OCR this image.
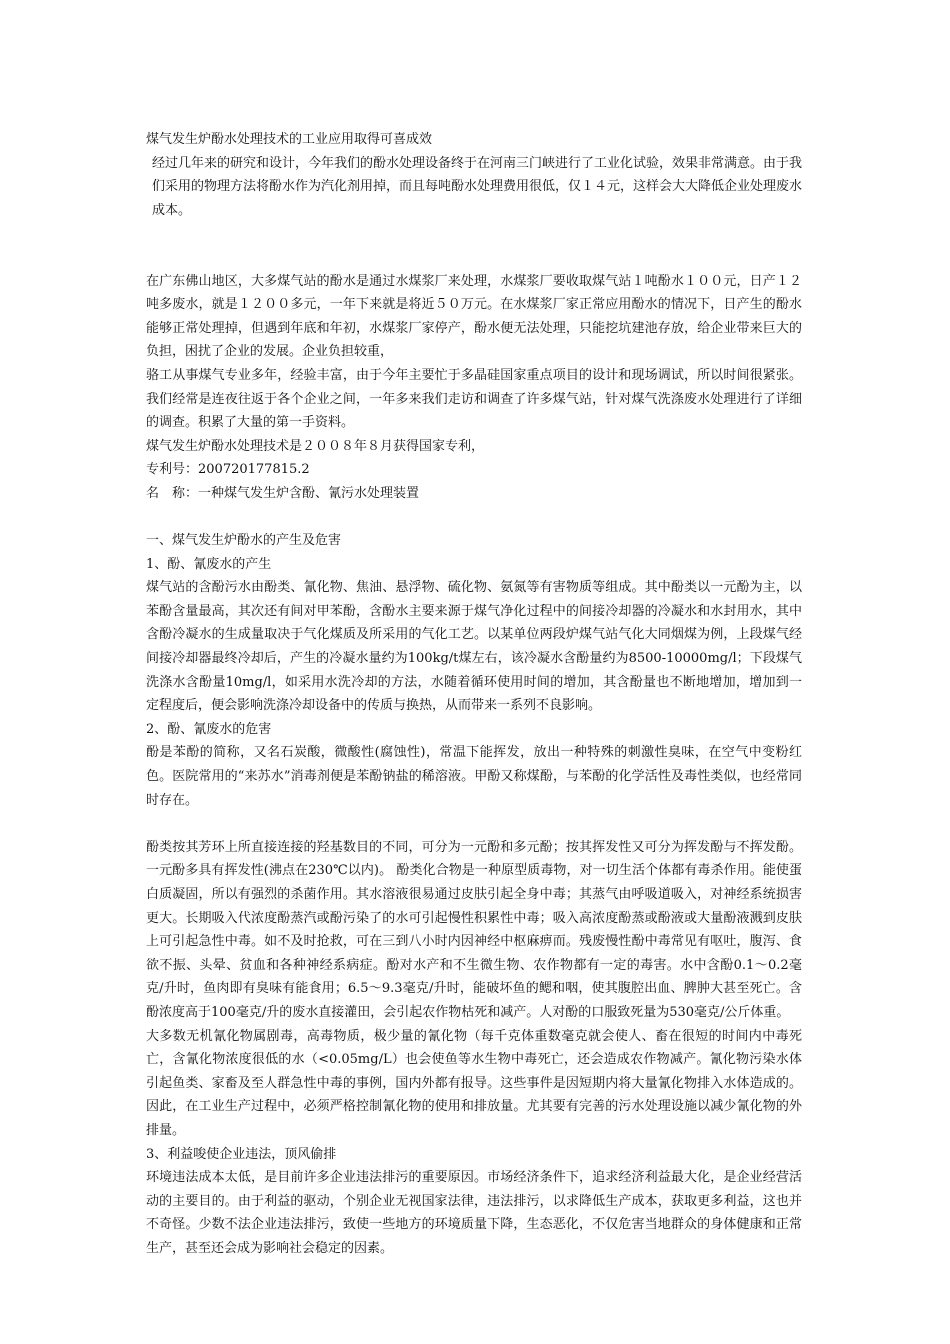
煤气发生炉酚水处理技术的工业应用取得可喜成效
经过几年来的研究和设计，今年我们的酚水处理设备终于在河南三门峡进行了工业化试验，效果非常满意。由于我们采用的物理方法将酚水作为汽化剂用掉，而且每吨酚水处理费用很低，仅１４元，这样会大大降低企业处理废水成本。
在广东佛山地区，大多煤气站的酚水是通过水煤浆厂来处理，水煤浆厂要收取煤气站１吨酚水１００元，日产１２吨多废水，就是１２００多元，一年下来就是将近５０万元。在水煤浆厂家正常应用酚水的情况下，日产生的酚水能够正常处理掉，但遇到年底和年初，水煤浆厂家停产，酚水便无法处理，只能挖坑建池存放，给企业带来巨大的负担，困扰了企业的发展。企业负担较重，
骆工从事煤气专业多年，经验丰富，由于今年主要忙于多晶硅国家重点项目的设计和现场调试，所以时间很紧张。我们经常是连夜往返于各个企业之间，一年多来我们走访和调查了许多煤气站，针对煤气洗涤废水处理进行了详细的调查。积累了大量的第一手资料。
煤气发生炉酚水处理技术是２００８年８月获得国家专利，
专利号：200720177815.2
名　称：一种煤气发生炉含酚、氰污水处理装置
一、煤气发生炉酚水的产生及危害
1、酚、氰废水的产生
煤气站的含酚污水由酚类、氰化物、焦油、悬浮物、硫化物、氨氮等有害物质等组成。其中酚类以一元酚为主，以苯酚含量最高，其次还有间对甲苯酚，含酚水主要来源于煤气净化过程中的间接冷却器的冷凝水和水封用水，其中含酚冷凝水的生成量取决于气化煤质及所采用的气化工艺。以某单位两段炉煤气站气化大同烟煤为例，上段煤气经间接冷却器最终冷却后，产生的冷凝水量约为100kg/t煤左右，该冷凝水含酚量约为8500-10000mg/l；下段煤气洗涤水含酚量10mg/l，如采用水洗冷却的方法，水随着循环使用时间的增加，其含酚量也不断地增加，增加到一定程度后，便会影响洗涤冷却设备中的传质与换热，从而带来一系列不良影响。
2、酚、氰废水的危害
酚是苯酚的简称，又名石炭酸，微酸性(腐蚀性)，常温下能挥发，放出一种特殊的刺激性臭味，在空气中变粉红色。医院常用的“来苏水”消毒剂便是苯酚钠盐的稀溶液。甲酚又称煤酚，与苯酚的化学活性及毒性类似，也经常同时存在。
酚类按其芳环上所直接连接的羟基数目的不同，可分为一元酚和多元酚；按其挥发性又可分为挥发酚与不挥发酚。一元酚多具有挥发性(沸点在230℃以内)。 酚类化合物是一种原型质毒物，对一切生活个体都有毒杀作用。能使蛋白质凝固，所以有强烈的杀菌作用。其水溶液很易通过皮肤引起全身中毒；其蒸气由呼吸道吸入，对神经系统损害更大。长期吸入代浓度酚蒸汽或酚污染了的水可引起慢性积累性中毒；吸入高浓度酚蒸或酚液或大量酚液溅到皮肤上可引起急性中毒。如不及时抢救，可在三到八小时内因神经中枢麻痹而。残废慢性酚中毒常见有呕吐，腹泻、食欲不振、头晕、贫血和各种神经系病症。酚对水产和不生微生物、农作物都有一定的毒害。水中含酚0.1～0.2毫克/升时，鱼肉即有臭味有能食用；6.5～9.3毫克/升时，能破坏鱼的鳃和咽，使其腹腔出血、脾肿大甚至死亡。含酚浓度高于100毫克/升的废水直接灌田，会引起农作物枯死和减产。人对酚的口服致死量为530毫克/公斤体重。
大多数无机氰化物属剧毒，高毒物质，极少量的氰化物（每千克体重数毫克就会使人、畜在很短的时间内中毒死亡，含氰化物浓度很低的水（<0.05mg/L）也会使鱼等水生物中毒死亡，还会造成农作物减产。氰化物污染水体引起鱼类、家畜及至人群急性中毒的事例，国内外都有报导。这些事件是因短期内将大量氰化物排入水体造成的。因此，在工业生产过程中，必须严格控制氰化物的使用和排放量。尤其要有完善的污水处理设施以减少氰化物的外排量。
3、利益唆使企业违法，顶风偷排
环境违法成本太低，是目前许多企业违法排污的重要原因。市场经济条件下，追求经济利益最大化，是企业经营活动的主要目的。由于利益的驱动，个别企业无视国家法律，违法排污，以求降低生产成本，获取更多利益，这也并不奇怪。少数不法企业违法排污，致使一些地方的环境质量下降，生态恶化，不仅危害当地群众的身体健康和正常生产，甚至还会成为影响社会稳定的因素。
